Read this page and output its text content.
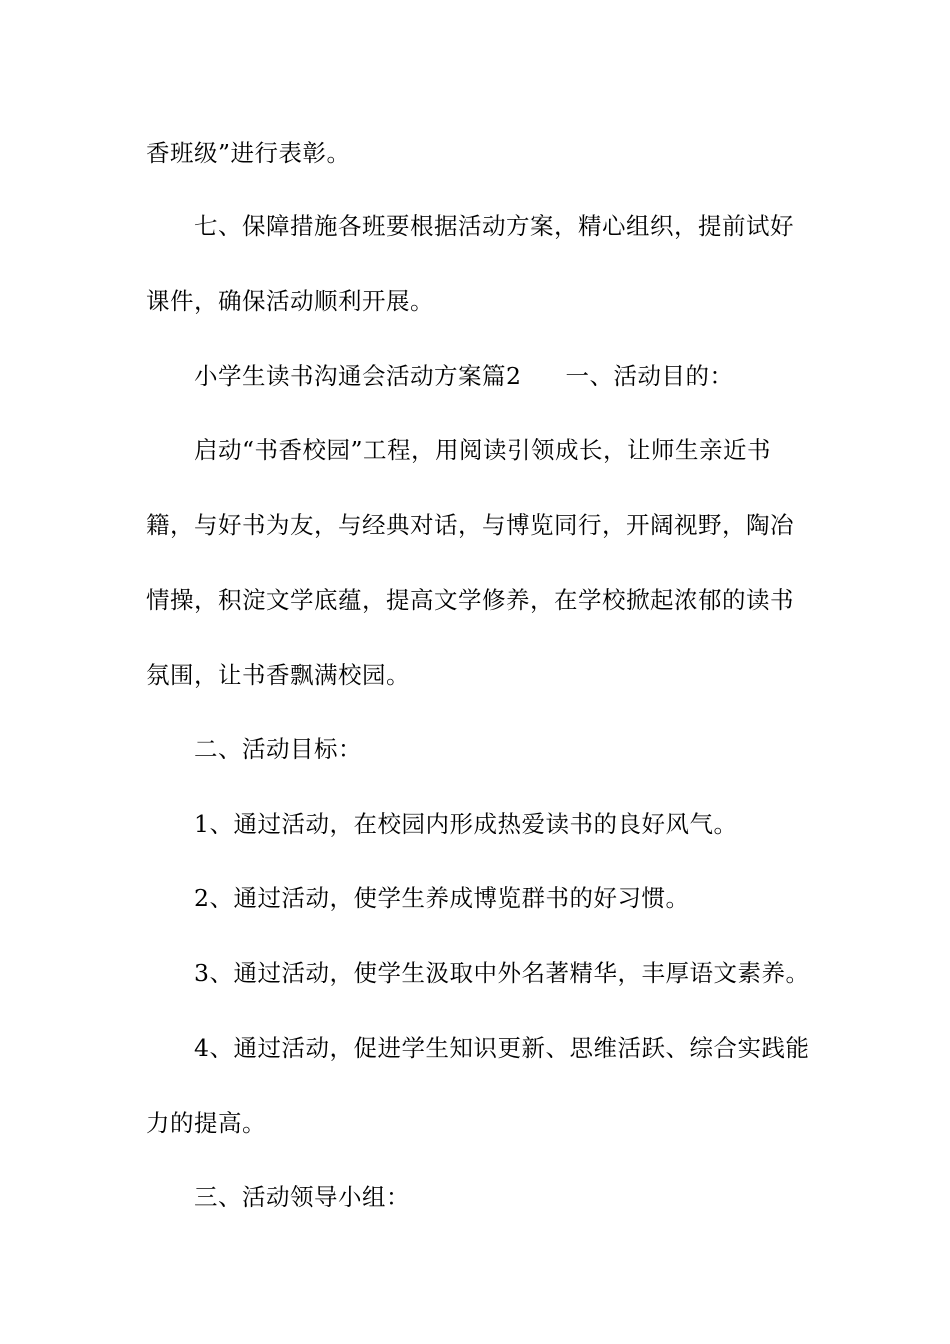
香班级”进行表彰。
七、保障措施各班要根据活动方案，精心组织，提前试好
课件，确保活动顺利开展。
小学生读书沟通会活动方案篇2 一、活动目的：
启动“书香校园”工程，用阅读引领成长，让师生亲近书
籍，与好书为友，与经典对话，与博览同行，开阔视野，陶冶
情操，积淀文学底蕴，提高文学修养，在学校掀起浓郁的读书
氛围，让书香飘满校园。
二、活动目标：
1、通过活动，在校园内形成热爱读书的良好风气。
2、通过活动，使学生养成博览群书的好习惯。
3、通过活动，使学生汲取中外名著精华，丰厚语文素养。
4、通过活动，促进学生知识更新、思维活跃、综合实践能
力的提高。
三、活动领导小组：
